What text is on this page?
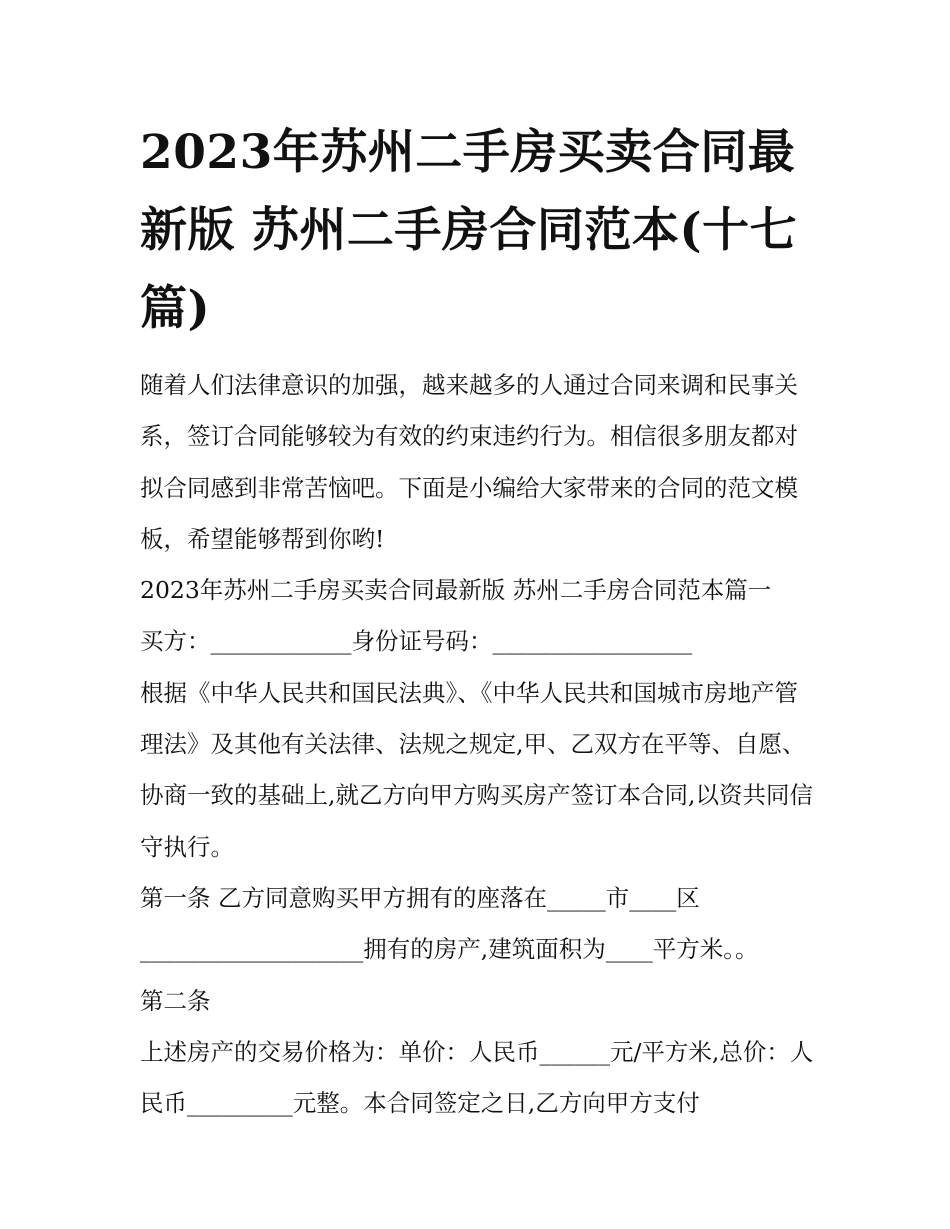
2023年苏州二手房买卖合同最新版 苏州二手房合同范本(十七篇)

随着人们法律意识的加强，越来越多的人通过合同来调和民事关系，签订合同能够较为有效的约束违约行为。相信很多朋友都对拟合同感到非常苦恼吧。下面是小编给大家带来的合同的范文模板，希望能够帮到你哟!

2023年苏州二手房买卖合同最新版 苏州二手房合同范本篇一

买方：____________身份证号码：_________________

根据《中华人民共和国民法典》、《中华人民共和国城市房地产管理法》及其他有关法律、法规之规定,甲、乙双方在平等、自愿、协商一致的基础上,就乙方向甲方购买房产签订本合同,以资共同信守执行。

第一条 乙方同意购买甲方拥有的座落在_____市____区___________________拥有的房产,建筑面积为____平方米。。

第二条

上述房产的交易价格为：单价：人民币______元/平方米,总价：人民币_________元整。本合同签定之日,乙方向甲方支付
